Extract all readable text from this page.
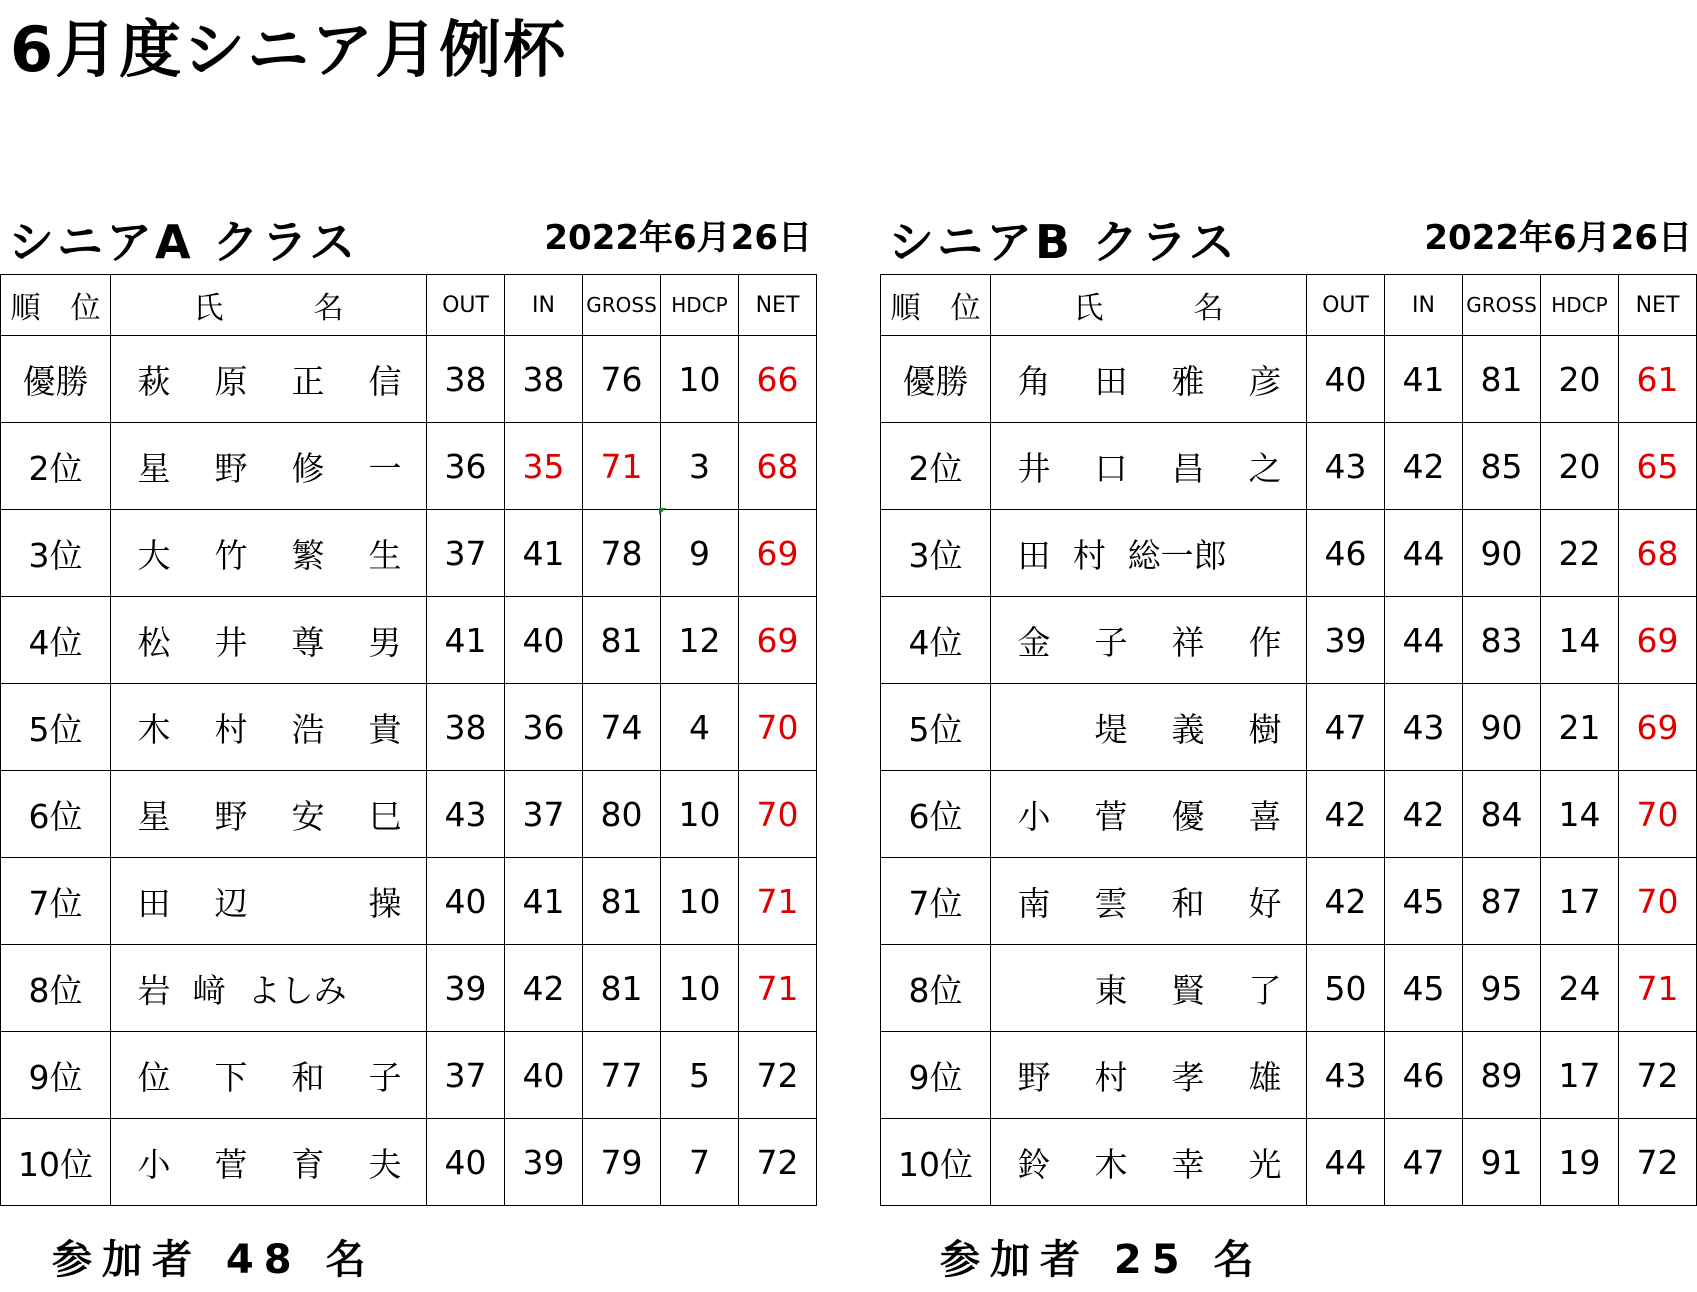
6月度シニア月例杯
シニアA クラス	2022年6月26日
順　位	氏　　　名	OUT	IN	GROSS	HDCP	NET
優勝	萩 原 正 信	38	38	76	10	66
2位	星 野 修 一	36	35	71	3	68
3位	大 竹 繁 生	37	41	78	9	69
4位	松 井 尊 男	41	40	81	12	69
5位	木 村 浩 貴	38	36	74	4	70
6位	星 野 安 巳	43	37	80	10	70
7位	田 辺 操	40	41	81	10	71
8位	岩 﨑 よしみ	39	42	81	10	71
9位	位 下 和 子	37	40	77	5	72
10位	小 菅 育 夫	40	39	79	7	72
シニアB クラス	2022年6月26日
順　位	氏　　　名	OUT	IN	GROSS	HDCP	NET
優勝	角 田 雅 彦	40	41	81	20	61
2位	井 口 昌 之	43	42	85	20	65
3位	田 村 総一郎	46	44	90	22	68
4位	金 子 祥 作	39	44	83	14	69
5位	堤 義 樹	47	43	90	21	69
6位	小 菅 優 喜	42	42	84	14	70
7位	南 雲 和 好	42	45	87	17	70
8位	東 賢 了	50	45	95	24	71
9位	野 村 孝 雄	43	46	89	17	72
10位	鈴 木 幸 光	44	47	91	19	72
参加者 48 名	参加者 25 名
